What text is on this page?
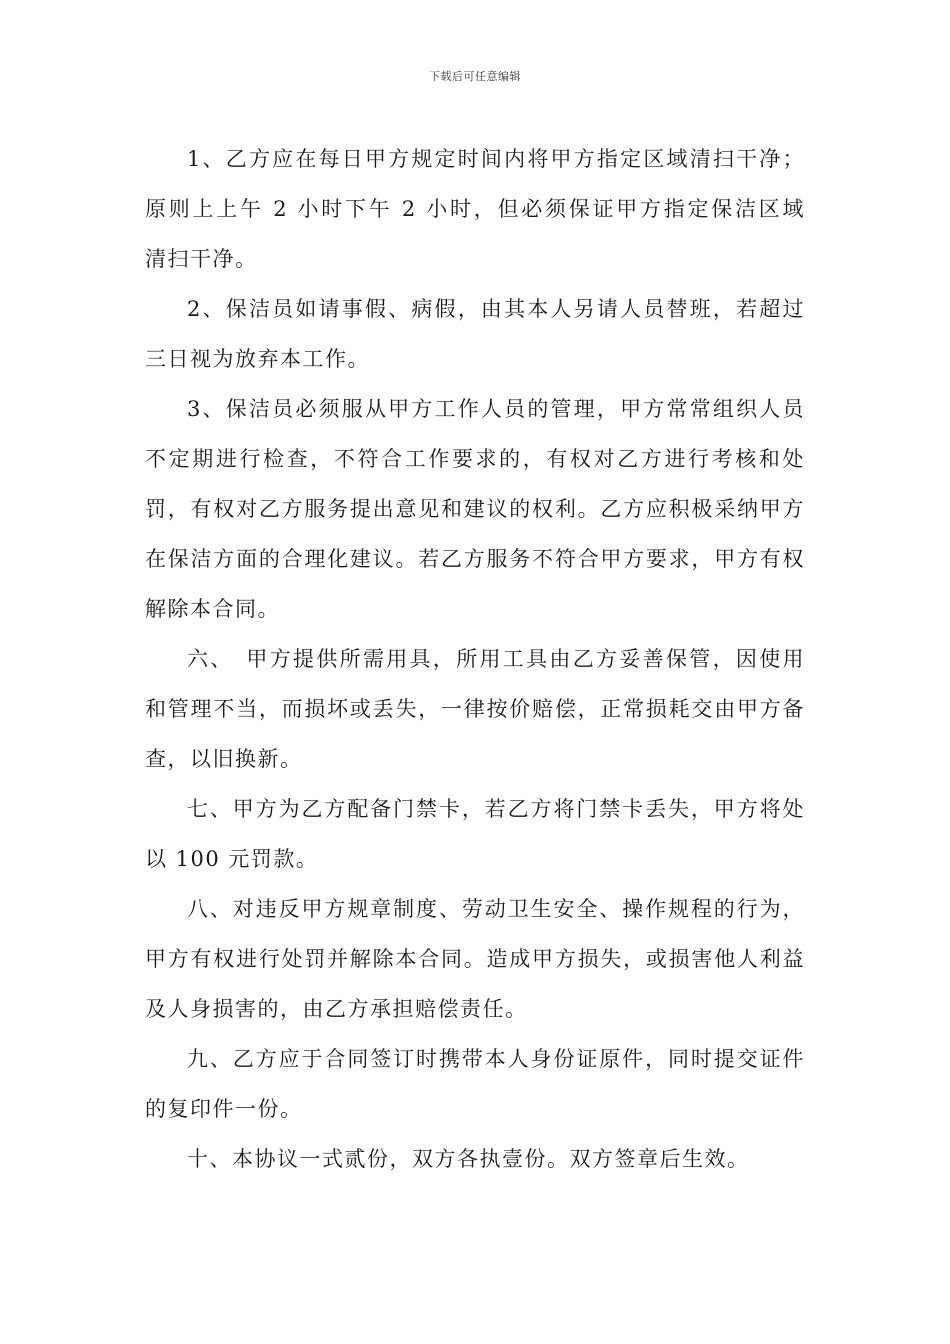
下载后可任意编辑

1、乙方应在每日甲方规定时间内将甲方指定区域清扫干净；原则上上午 2 小时下午 2 小时，但必须保证甲方指定保洁区域　清扫干净。

2、保洁员如请事假、病假，由其本人另请人员替班，若超过三日视为放弃本工作。

3、保洁员必须服从甲方工作人员的管理，甲方常常组织人员不定期进行检查，不符合工作要求的，有权对乙方进行考核和处罚，有权对乙方服务提出意见和建议的权利。乙方应积极采纳甲方在保洁方面的合理化建议。若乙方服务不符合甲方要求，甲方有权解除本合同。

六、　甲方提供所需用具，所用工具由乙方妥善保管，因使用和管理不当，而损坏或丢失，一律按价赔偿，正常损耗交由甲方备查，以旧换新。

七、甲方为乙方配备门禁卡，若乙方将门禁卡丢失，甲方将处以 100 元罚款。

八、对违反甲方规章制度、劳动卫生安全、操作规程的行为，甲方有权进行处罚并解除本合同。造成甲方损失，或损害他人利益及人身损害的，由乙方承担赔偿责任。

九、乙方应于合同签订时携带本人身份证原件，同时提交证件的复印件一份。

十、本协议一式贰份，双方各执壹份。双方签章后生效。
